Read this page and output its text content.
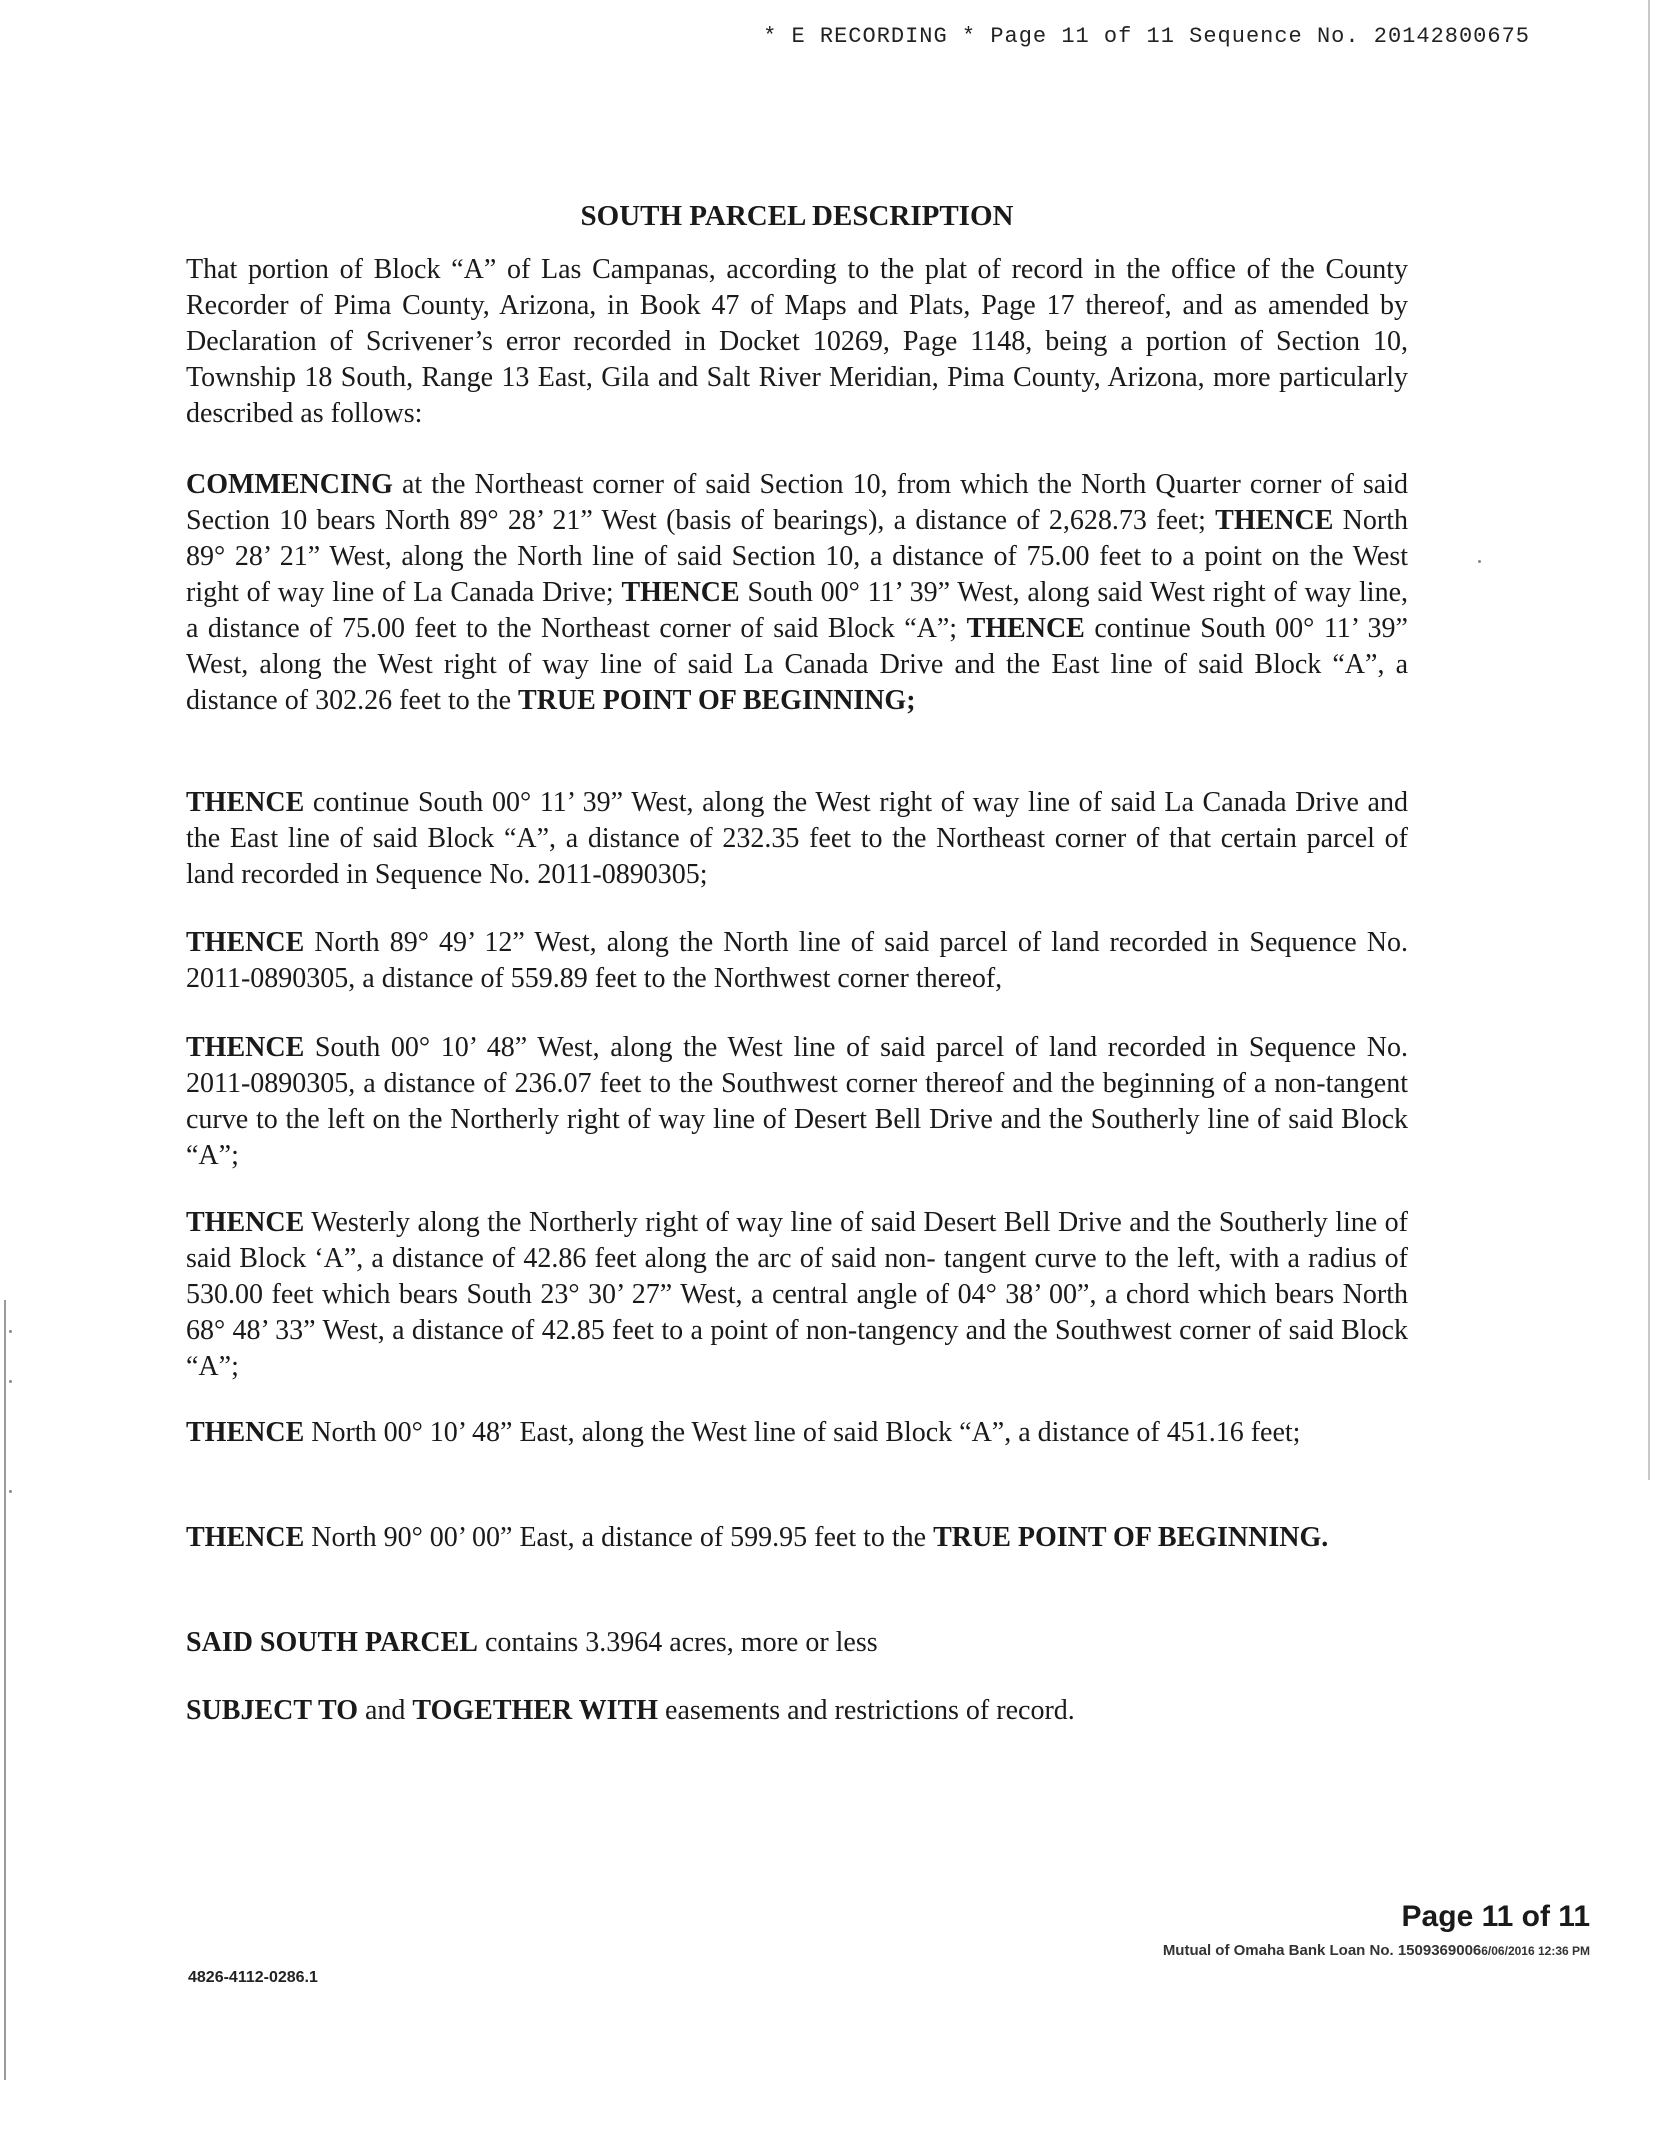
* E RECORDING * Page 11 of 11 Sequence No. 20142800675
SOUTH PARCEL DESCRIPTION

That portion of Block “A” of Las Campanas, according to the plat of record in the office of the County Recorder of Pima County, Arizona, in Book 47 of Maps and Plats, Page 17 thereof, and as amended by Declaration of Scrivener’s error recorded in Docket 10269, Page 1148, being a portion of Section 10, Township 18 South, Range 13 East, Gila and Salt River Meridian, Pima County, Arizona, more particularly described as follows:

COMMENCING at the Northeast corner of said Section 10, from which the North Quarter corner of said Section 10 bears North 89° 28’ 21” West (basis of bearings), a distance of 2,628.73 feet; THENCE North 89° 28’ 21” West, along the North line of said Section 10, a distance of 75.00 feet to a point on the West right of way line of La Canada Drive; THENCE South 00° 11’ 39” West, along said West right of way line, a distance of 75.00 feet to the Northeast corner of said Block “A”; THENCE continue South 00° 11’ 39” West, along the West right of way line of said La Canada Drive and the East line of said Block “A”, a distance of 302.26 feet to the TRUE POINT OF BEGINNING;

THENCE continue South 00° 11’ 39” West, along the West right of way line of said La Canada Drive and the East line of said Block “A”, a distance of 232.35 feet to the Northeast corner of that certain parcel of land recorded in Sequence No. 2011-0890305;

THENCE North 89° 49’ 12” West, along the North line of said parcel of land recorded in Sequence No. 2011-0890305, a distance of 559.89 feet to the Northwest corner thereof,

THENCE South 00° 10’ 48” West, along the West line of said parcel of land recorded in Sequence No. 2011-0890305, a distance of 236.07 feet to the Southwest corner thereof and the beginning of a non-tangent curve to the left on the Northerly right of way line of Desert Bell Drive and the Southerly line of said Block “A”;

THENCE Westerly along the Northerly right of way line of said Desert Bell Drive and the Southerly line of said Block ‘A”, a distance of 42.86 feet along the arc of said non- tangent curve to the left, with a radius of 530.00 feet which bears South 23° 30’ 27” West, a central angle of 04° 38’ 00”, a chord which bears North 68° 48’ 33” West, a distance of 42.85 feet to a point of non-tangency and the Southwest corner of said Block “A”;

THENCE North 00° 10’ 48” East, along the West line of said Block “A”, a distance of 451.16 feet;

THENCE North 90° 00’ 00” East, a distance of 599.95 feet to the TRUE POINT OF BEGINNING.

SAID SOUTH PARCEL contains 3.3964 acres, more or less

SUBJECT TO and TOGETHER WITH easements and restrictions of record.

Page 11 of 11
Mutual of Omaha Bank Loan No. 15093690066/06/2016 12:36 PM
4826-4112-0286.1
